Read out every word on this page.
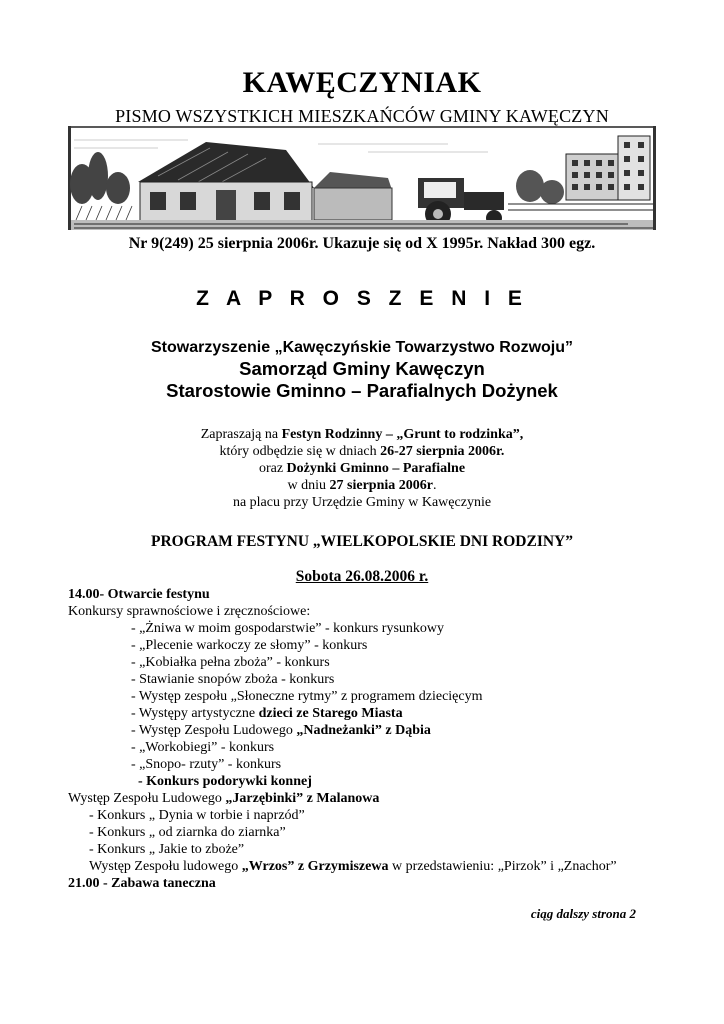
KAWĘCZYNIAK
PISMO WSZYSTKICH MIESZKAŃCÓW GMINY KAWĘCZYN
Nr 9(249) 25 sierpnia 2006r. Ukazuje się od X 1995r. Nakład 300 egz.
Z A P R O S Z E N I E
Stowarzyszenie „Kawęczyńskie Towarzystwo Rozwoju”
Samorząd Gminy Kawęczyn
Starostowie Gminno – Parafialnych Dożynek
Zapraszają na Festyn Rodzinny – „Grunt to rodzinka”,
który odbędzie się w dniach 26-27 sierpnia 2006r.
oraz Dożynki Gminno – Parafialne
w dniu 27 sierpnia 2006r.
na placu przy Urzędzie Gminy w Kawęczynie
PROGRAM FESTYNU „WIELKOPOLSKIE DNI RODZINY”
Sobota 26.08.2006 r.
14.00- Otwarcie festynu
Konkursy sprawnościowe i zręcznościowe:
- „Żniwa w moim gospodarstwie” - konkurs rysunkowy
- „Plecenie warkoczy ze słomy” - konkurs
- „Kobiałka pełna zboża” - konkurs
- Stawianie snopów zboża - konkurs
- Występ zespołu „Słoneczne rytmy” z programem dziecięcym
- Występy artystyczne dzieci ze Starego Miasta
- Występ Zespołu Ludowego „Nadneżanki” z Dąbia
- „Workobiegi” - konkurs
- „Snopo- rzuty” - konkurs
- Konkurs podorywki konnej
Występ Zespołu Ludowego „Jarzębinki” z Malanowa
- Konkurs „ Dynia w torbie i naprzód”
- Konkurs „ od ziarnka do ziarnka”
- Konkurs „ Jakie to zboże”
Występ Zespołu ludowego „Wrzos” z Grzymiszewa w przedstawieniu: „Pirzok” i „Znachor”
21.00 - Zabawa taneczna
ciąg dalszy strona 2
